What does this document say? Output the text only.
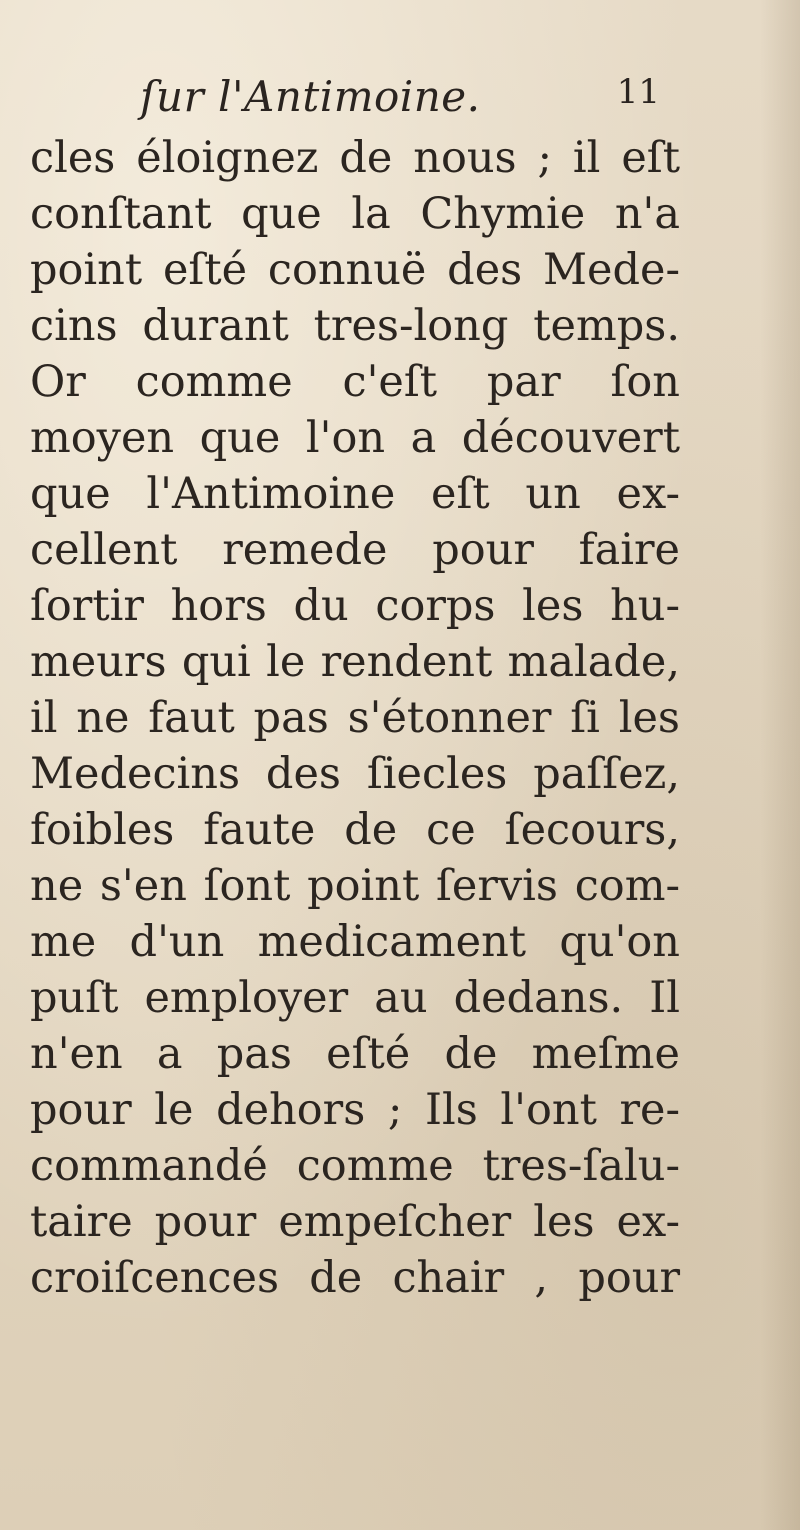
ſur l'Antimoine.	11
cles éloignez de nous ; il eſt
conſtant que la Chymie n'a
point eſté connuë des Mede-
cins durant tres-long temps.
Or comme c'eſt par ſon
moyen que l'on a découvert
que l'Antimoine eſt un ex-
cellent remede pour faire
ſortir hors du corps les hu-
meurs qui le rendent malade,
il ne faut pas s'étonner ſi les
Medecins des ſiecles paſſez,
foibles faute de ce ſecours,
ne s'en ſont point ſervis com-
me d'un medicament qu'on
puſt employer au dedans. Il
n'en a pas eſté de meſme
pour le dehors ; Ils l'ont re-
commandé comme tres-ſalu-
taire pour empeſcher les ex-
croiſcences de chair , pour
